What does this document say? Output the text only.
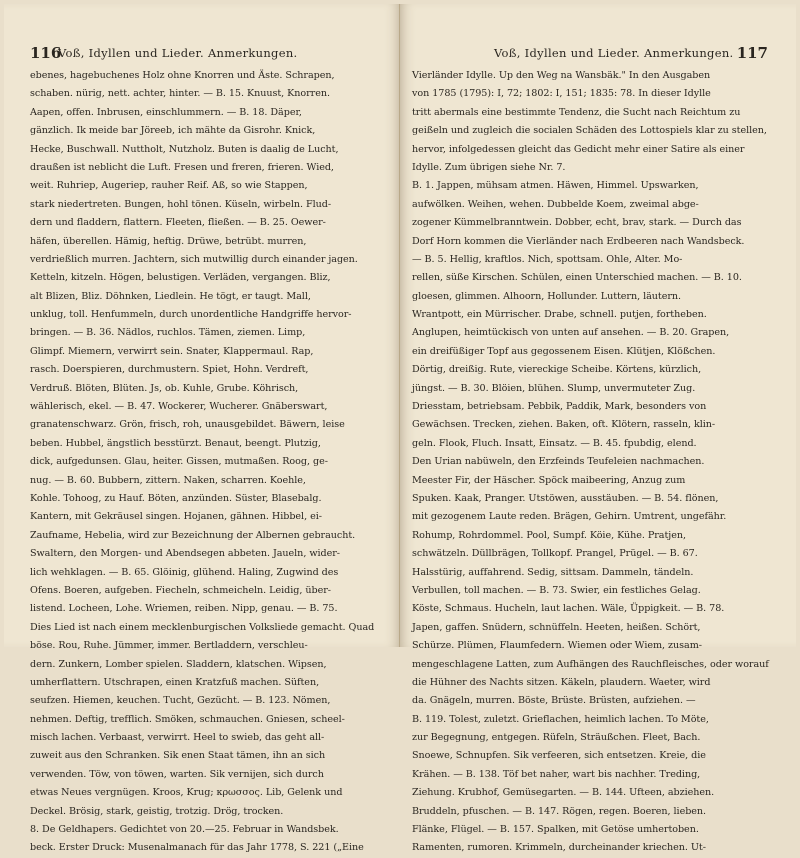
116
Voß, Idyllen und Lieder. Anmerkungen.
ebenes, hagebuchenes Holz ohne Knorren und Äste. Schrapen,
schaben. nürig, nett. achter, hinter. — B. 15. Knuust, Knorren.
Aapen, offen. Inbrusen, einschlummern. — B. 18. Däper,
gänzlich. Ik meide bar Jöreeb, ich mähte da Gisrohr. Knick,
Hecke, Buschwall. Nuttholt, Nutzholz. Buten is daalig de Lucht,
draußen ist neblicht die Luft. Fresen und freren, frieren. Wied,
weit. Ruhriep, Augeriep, rauher Reif. Aß, so wie Stappen,
stark niedertreten. Bungen, hohl tönen. Küseln, wirbeln. Flud-
dern und fladdern, flattern. Fleeten, fließen. — B. 25. Oewer-
häfen, überellen. Hämig, heftig. Drüwe, betrübt. murren,
verdrießlich murren. Jachtern, sich mutwillig durch einander jagen.
Ketteln, kitzeln. Högen, belustigen. Verläden, vergangen. Bliz,
alt Blizen, Bliz. Döhnken, Liedlein. He tögt, er taugt. Mall,
unklug, toll. Henfummeln, durch unordentliche Handgriffe hervor-
bringen. — B. 36. Nädlos, ruchlos. Tämen, ziemen. Limp,
Glimpf. Miemern, verwirrt sein. Snater, Klappermaul. Rap,
rasch. Doerspieren, durchmustern. Spiet, Hohn. Verdreft,
Verdruß. Blöten, Blüten. Js, ob. Kuhle, Grube. Köhrisch,
wählerisch, ekel. — B. 47. Wockerer, Wucherer. Gnäberswart,
granatenschwarz. Grön, frisch, roh, unausgebildet. Bäwern, leise
beben. Hubbel, ängstlich besstürzt. Benaut, beengt. Plutzig,
dick, aufgedunsen. Glau, heiter. Gissen, mutmaßen. Roog, ge-
nug. — B. 60. Bubbern, zittern. Naken, scharren. Koehle,
Kohle. Tohoog, zu Hauf. Böten, anzünden. Süster, Blasebalg.
Kantern, mit Gekräusel singen. Hojanen, gähnen. Hibbel, ei-
Zaufname, Hebelia, wird zur Bezeichnung der Albernen gebraucht.
Swaltern, den Morgen- und Abendsegen abbeten. Jaueln, wider-
lich wehklagen. — B. 65. Glöinig, glühend. Haling, Zugwind des
Ofens. Boeren, aufgeben. Fiecheln, schmeicheln. Leidig, über-
listend. Locheen, Lohe. Wriemen, reiben. Nipp, genau. — B. 75.
Dies Lied ist nach einem mecklenburgischen Volksliede gemacht. Quad
böse. Rou, Ruhe. Jümmer, immer. Bertladdern, verschleu-
dern. Zunkern, Lomber spielen. Sladdern, klatschen. Wipsen,
umherflattern. Utschrapen, einen Kratzfuß machen. Süften,
seufzen. Hiemen, keuchen. Tucht, Gezücht. — B. 123. Nömen,
nehmen. Deftig, trefflich. Smöken, schmauchen. Gniesen, scheel-
misch lachen. Verbaast, verwirrt. Heel to swieb, das geht all-
zuweit aus den Schranken. Sik enen Staat tämen, ihn an sich
verwenden. Töw, von töwen, warten. Sik vernijen, sich durch
etwas Neues vergnügen. Kroos, Krug; κρωσσος. Lib, Gelenk und
Deckel. Brösig, stark, geistig, trotzig. Drög, trocken.
8. De Geldhapers. Gedichtet von 20.—25. Februar in Wandsbek.
beck. Erster Druck: Musenalmanach für das Jahr 1778, S. 221 („Eine
Voß, Idyllen und Lieder. Anmerkungen. 117
Vierländer Idylle. Up den Weg na Wansbäk." In den Ausgaben
von 1785 (1795): I, 72; 1802: I, 151; 1835: 78. In dieser Idylle
tritt abermals eine bestimmte Tendenz, die Sucht nach Reichtum zu
geißeln und zugleich die socialen Schäden des Lottospiels klar zu stellen,
hervor, infolgedessen gleicht das Gedicht mehr einer Satire als einer
Idylle. Zum übrigen siehe Nr. 7.
B. 1. Jappen, mühsam atmen. Häwen, Himmel. Upswarken,
aufwölken. Weihen, wehen. Dubbelde Koem, zweimal abge-
zogener Kümmelbranntwein. Dobber, echt, brav, stark. — Durch das
Dorf Horn kommen die Vierländer nach Erdbeeren nach Wandsbeck.
— B. 5. Hellig, kraftlos. Nich, spottsam. Ohle, Alter. Mo-
rellen, süße Kirschen. Schülen, einen Unterschied machen. — B. 10.
gloesen, glimmen. Alhoorn, Hollunder. Luttern, läutern.
Wrantpott, ein Mürrischer. Drabe, schnell. putjen, fortheben.
Anglupen, heimtückisch von unten auf ansehen. — B. 20. Grapen,
ein dreifüßiger Topf aus gegossenem Eisen. Klütjen, Klößchen.
Dörtig, dreißig. Rute, viereckige Scheibe. Körtens, kürzlich,
jüngst. — B. 30. Blöien, blühen. Slump, unvermuteter Zug.
Driesstam, betriebsam. Pebbik, Paddik, Mark, besonders von
Gewächsen. Trecken, ziehen. Baken, oft. Klötern, rasseln, klin-
geln. Flook, Fluch. Insatt, Einsatz. — B. 45. fpubdig, elend.
Den Urian nabüweln, den Erzfeinds Teufeleien nachmachen.
Meester Fir, der Häscher. Spöck maibeering, Anzug zum
Spuken. Kaak, Pranger. Utstöwen, ausstäuben. — B. 54. flönen,
mit gezogenem Laute reden. Brägen, Gehirn. Umtrent, ungefähr.
Rohump, Rohrdommel. Pool, Sumpf. Köie, Kühe. Pratjen,
schwätzeln. Düllbrägen, Tollkopf. Prangel, Prügel. — B. 67.
Halsstürig, auffahrend. Sedig, sittsam. Dammeln, tändeln.
Verbullen, toll machen. — B. 73. Swier, ein festliches Gelag.
Köste, Schmaus. Hucheln, laut lachen. Wäle, Üppigkeit. — B. 78.
Japen, gaffen. Snüdern, schnüffeln. Heeten, heißen. Schört,
Schürze. Plümen, Flaumfedern. Wiemen oder Wiem, zusam-
mengeschlagene Latten, zum Aufhängen des Rauchfleisches, oder worauf
die Hühner des Nachts sitzen. Käkeln, plaudern. Waeter, wird
da. Gnägeln, murren. Böste, Brüste. Brüsten, aufziehen. —
B. 119. Tolest, zuletzt. Grieflachen, heimlich lachen. To Möte,
zur Begegnung, entgegen. Rüfeln, Sträußchen. Fleet, Bach.
Snoewe, Schnupfen. Sik verfeeren, sich entsetzen. Kreie, die
Krähen. — B. 138. Töf bet naher, wart bis nachher. Treding,
Ziehung. Krubhof, Gemüsegarten. — B. 144. Ufteen, abziehen.
Bruddeln, pfuschen. — B. 147. Rögen, regen. Boeren, lieben.
Flänke, Flügel. — B. 157. Spalken, mit Getöse umhertoben.
Ramenten, rumoren. Krimmeln, durcheinander kriechen. Ut-
